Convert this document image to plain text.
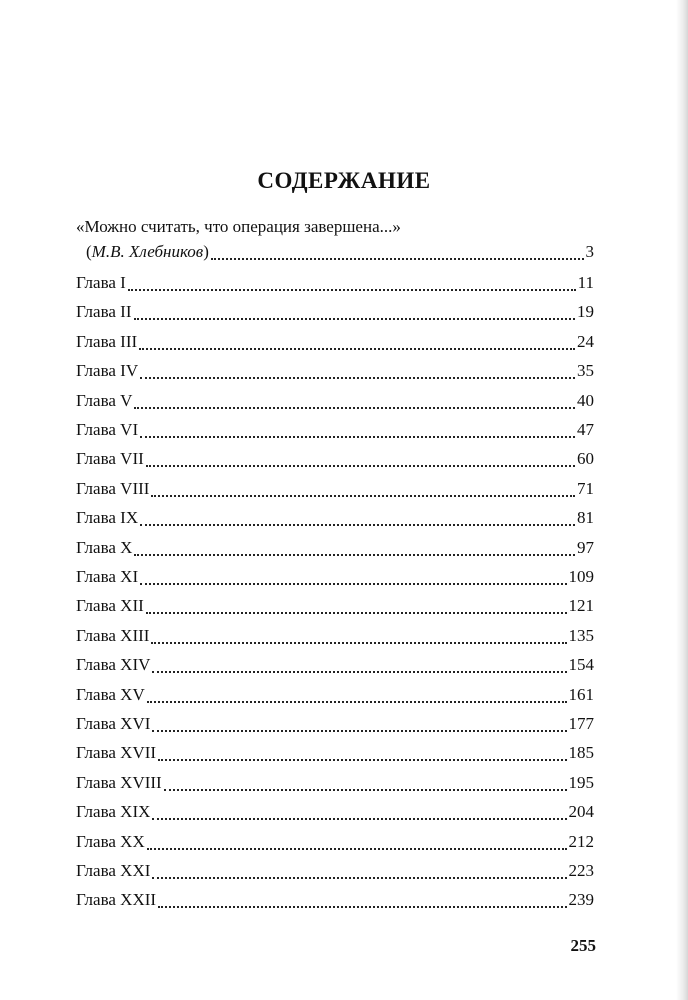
СОДЕРЖАНИЕ
«Можно считать, что операция завершена...»
(М.В. Хлебников)	3
Глава I	11
Глава II	19
Глава III	24
Глава IV	35
Глава V	40
Глава VI	47
Глава VII	60
Глава VIII	71
Глава IX	81
Глава X	97
Глава XI	109
Глава XII	121
Глава XIII	135
Глава XIV	154
Глава XV	161
Глава XVI	177
Глава XVII	185
Глава XVIII	195
Глава XIX	204
Глава XX	212
Глава XXI	223
Глава XXII	239
255
